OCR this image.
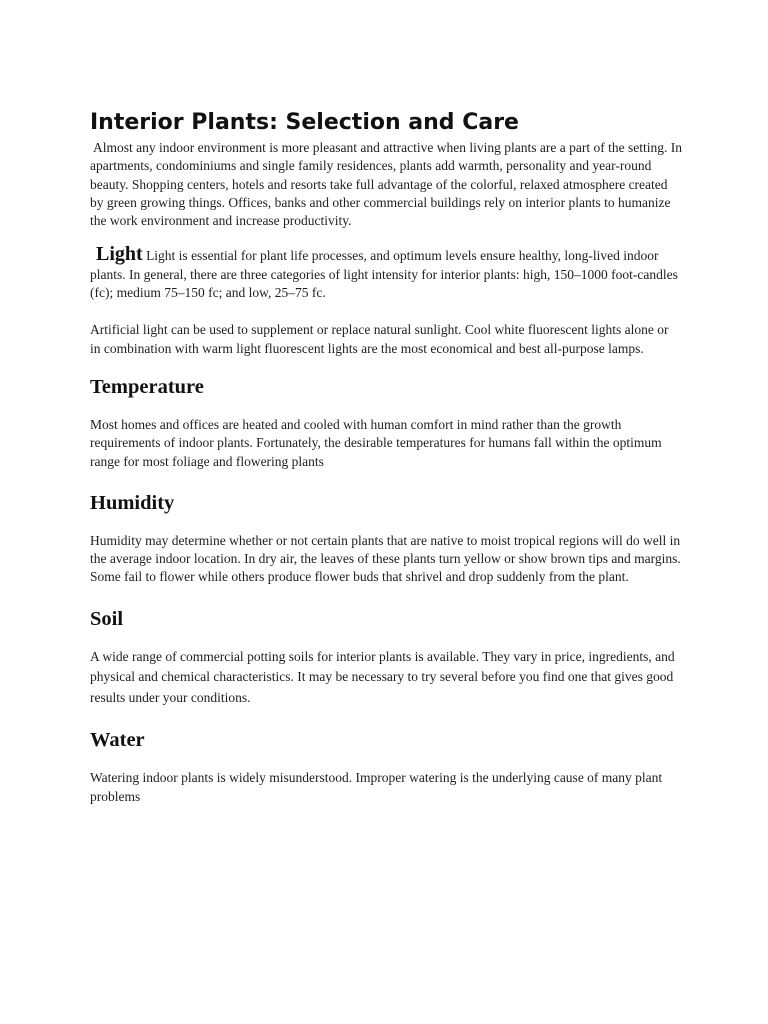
Interior Plants: Selection and Care

Almost any indoor environment is more pleasant and attractive when living plants are a part of the setting. In apartments, condominiums and single family residences, plants add warmth, personality and year-round beauty. Shopping centers, hotels and resorts take full advantage of the colorful, relaxed atmosphere created by green growing things. Offices, banks and other commercial buildings rely on interior plants to humanize the work environment and increase productivity.

Light Light is essential for plant life processes, and optimum levels ensure healthy, long-lived indoor plants. In general, there are three categories of light intensity for interior plants: high, 150–1000 foot-candles (fc); medium 75–150 fc; and low, 25–75 fc.

Artificial light can be used to supplement or replace natural sunlight. Cool white fluorescent lights alone or in combination with warm light fluorescent lights are the most economical and best all-purpose lamps.

Temperature

Most homes and offices are heated and cooled with human comfort in mind rather than the growth requirements of indoor plants. Fortunately, the desirable temperatures for humans fall within the optimum range for most foliage and flowering plants

Humidity

Humidity may determine whether or not certain plants that are native to moist tropical regions will do well in the average indoor location. In dry air, the leaves of these plants turn yellow or show brown tips and margins. Some fail to flower while others produce flower buds that shrivel and drop suddenly from the plant.

Soil

A wide range of commercial potting soils for interior plants is available. They vary in price, ingredients, and physical and chemical characteristics. It may be necessary to try several before you find one that gives good results under your conditions.

Water

Watering indoor plants is widely misunderstood. Improper watering is the underlying cause of many plant problems
